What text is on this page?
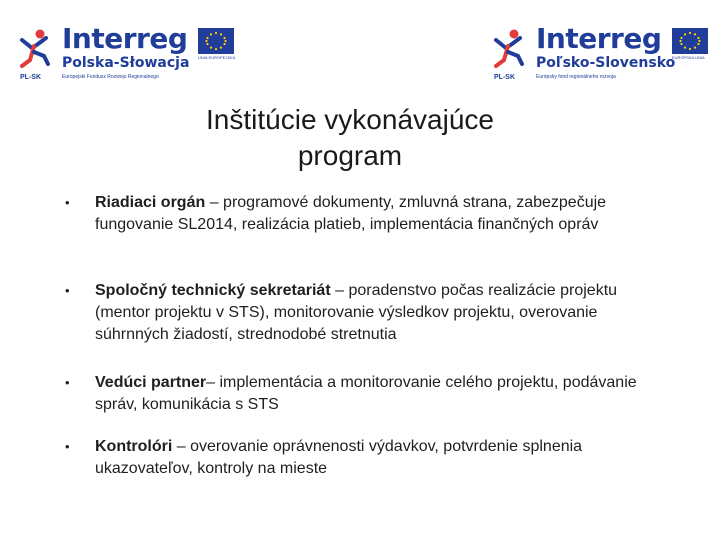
PL-SK
Interreg
Polska-Słowacja
Europejski Fundusz Rozwoju Regionalnego
UNIA EUROPEJSKA
PL-SK
Interreg
Poľsko-Slovensko
Európsky fond regionálneho rozvoja
EURÓPSKA ÚNIA
Inštitúcie vykonávajúce
program
• Riadiaci orgán – programové dokumenty, zmluvná strana, zabezpečuje fungovanie SL2014, realizácia platieb, implementácia finančných opráv
• Spoločný technický sekretariát – poradenstvo počas realizácie projektu (mentor projektu v STS), monitorovanie výsledkov projektu, overovanie súhrnných žiadostí, strednodobé stretnutia
• Vedúci partner– implementácia a monitorovanie celého projektu, podávanie správ, komunikácia s STS
• Kontrolóri – overovanie oprávnenosti výdavkov, potvrdenie splnenia ukazovateľov, kontroly na mieste
